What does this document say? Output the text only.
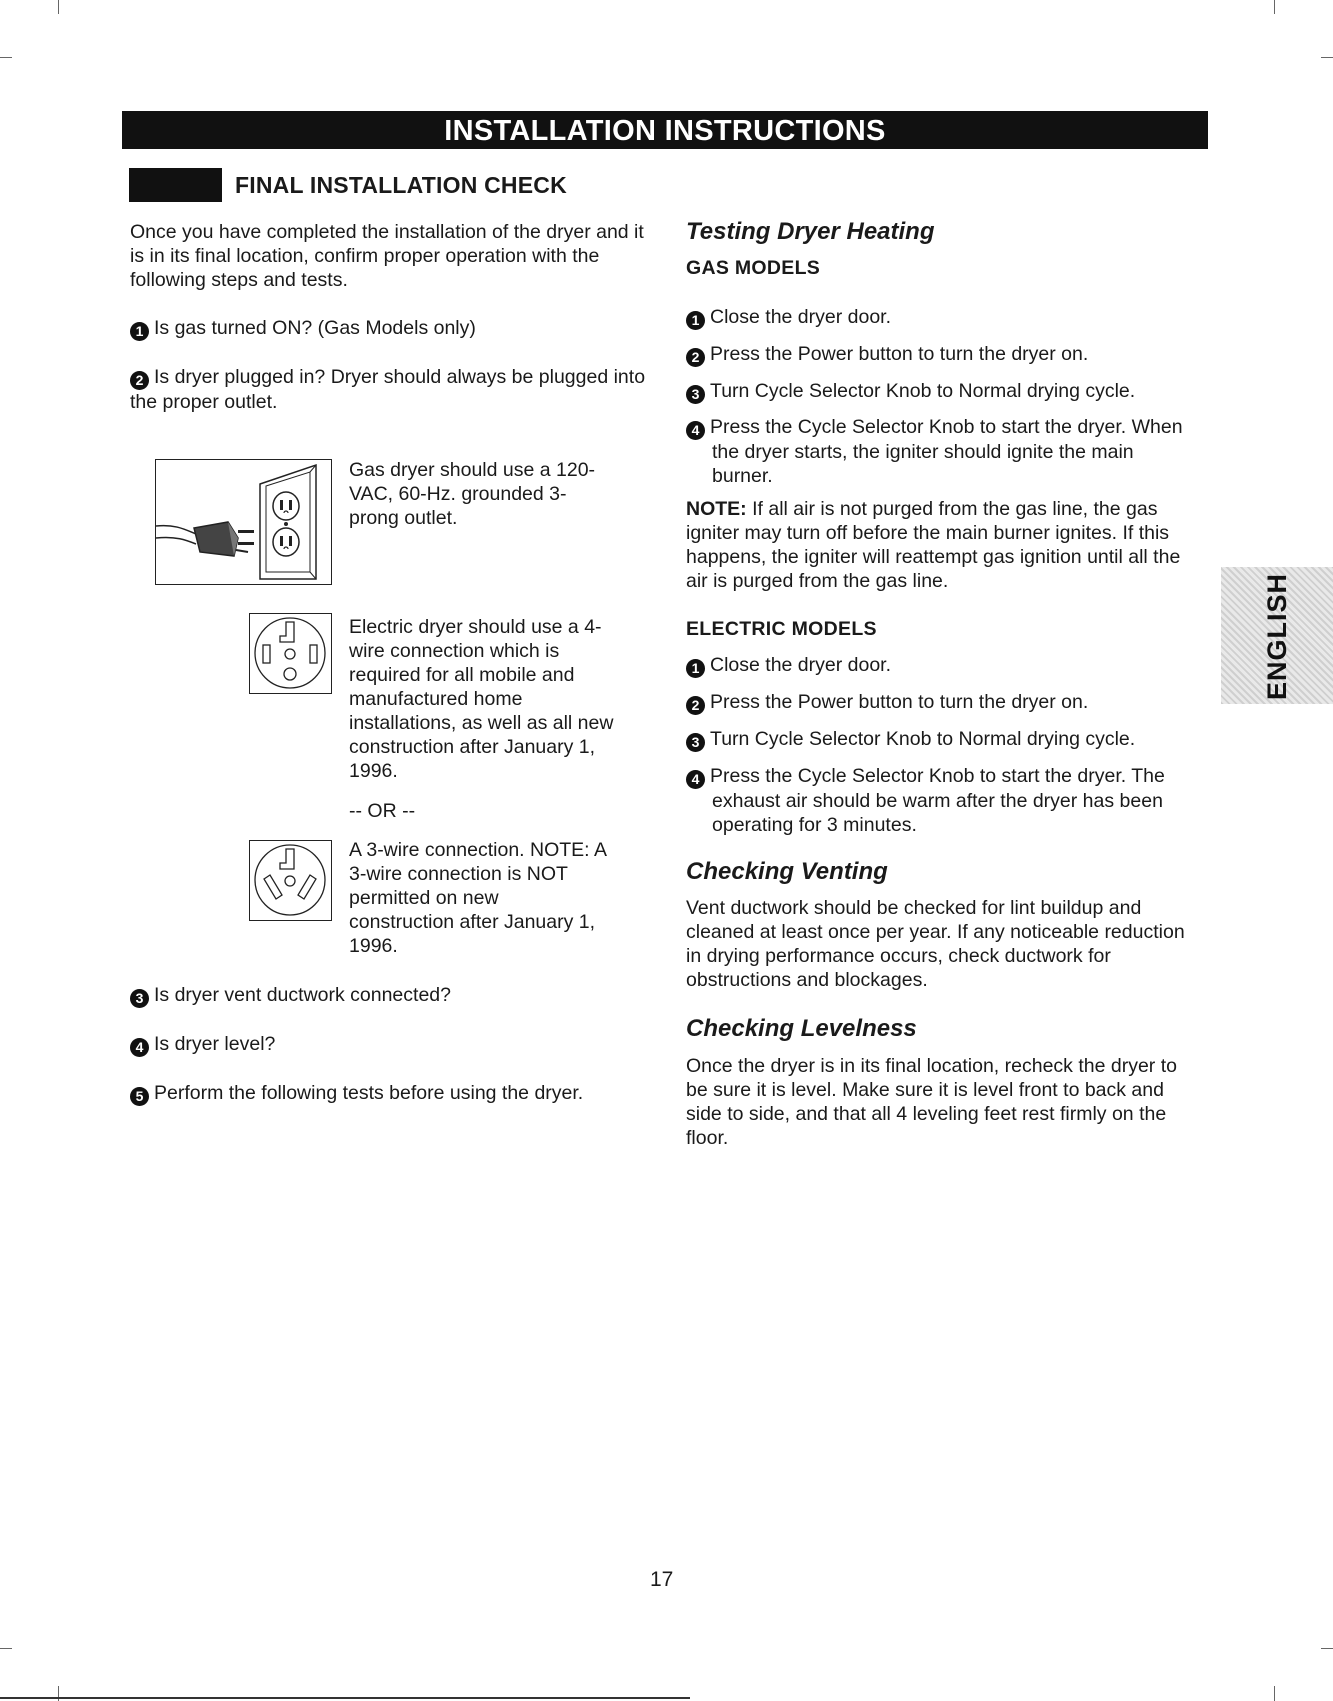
INSTALLATION INSTRUCTIONS
FINAL INSTALLATION CHECK
Once you have completed the installation of the dryer and it is in its final location, confirm proper operation with the following steps and tests.
1 Is gas turned ON? (Gas Models only)
2 Is dryer plugged in? Dryer should always be plugged into the proper outlet.
Gas dryer should use a 120-VAC, 60-Hz. grounded 3-prong outlet.
Electric dryer should use a 4-wire connection which is required for all mobile and manufactured home installations, as well as all new construction after January 1, 1996.
-- OR --
A 3-wire connection. NOTE: A 3-wire connection is NOT permitted on new construction after January 1, 1996.
3 Is dryer vent ductwork connected?
4 Is dryer level?
5 Perform the following tests before using the dryer.
Testing Dryer Heating
GAS MODELS
1 Close the dryer door.
2 Press the Power button to turn the dryer on.
3 Turn Cycle Selector Knob to Normal drying cycle.
4 Press the Cycle Selector Knob to start the dryer. When the dryer starts, the igniter should ignite the main burner.
NOTE: If all air is not purged from the gas line, the gas igniter may turn off before the main burner ignites. If this happens, the igniter will reattempt gas ignition until all the air is purged from the gas line.
ELECTRIC MODELS
1 Close the dryer door.
2 Press the Power button to turn the dryer on.
3 Turn Cycle Selector Knob to Normal drying cycle.
4 Press the Cycle Selector Knob to start the dryer. The exhaust air should be warm after the dryer has been operating for 3 minutes.
Checking Venting
Vent ductwork should be checked for lint buildup and cleaned at least once per year. If any noticeable reduction in drying performance occurs, check ductwork for obstructions and blockages.
Checking Levelness
Once the dryer is in its final location, recheck the dryer to be sure it is level. Make sure it is level front to back and side to side, and that all 4 leveling feet rest firmly on the floor.
ENGLISH
17
